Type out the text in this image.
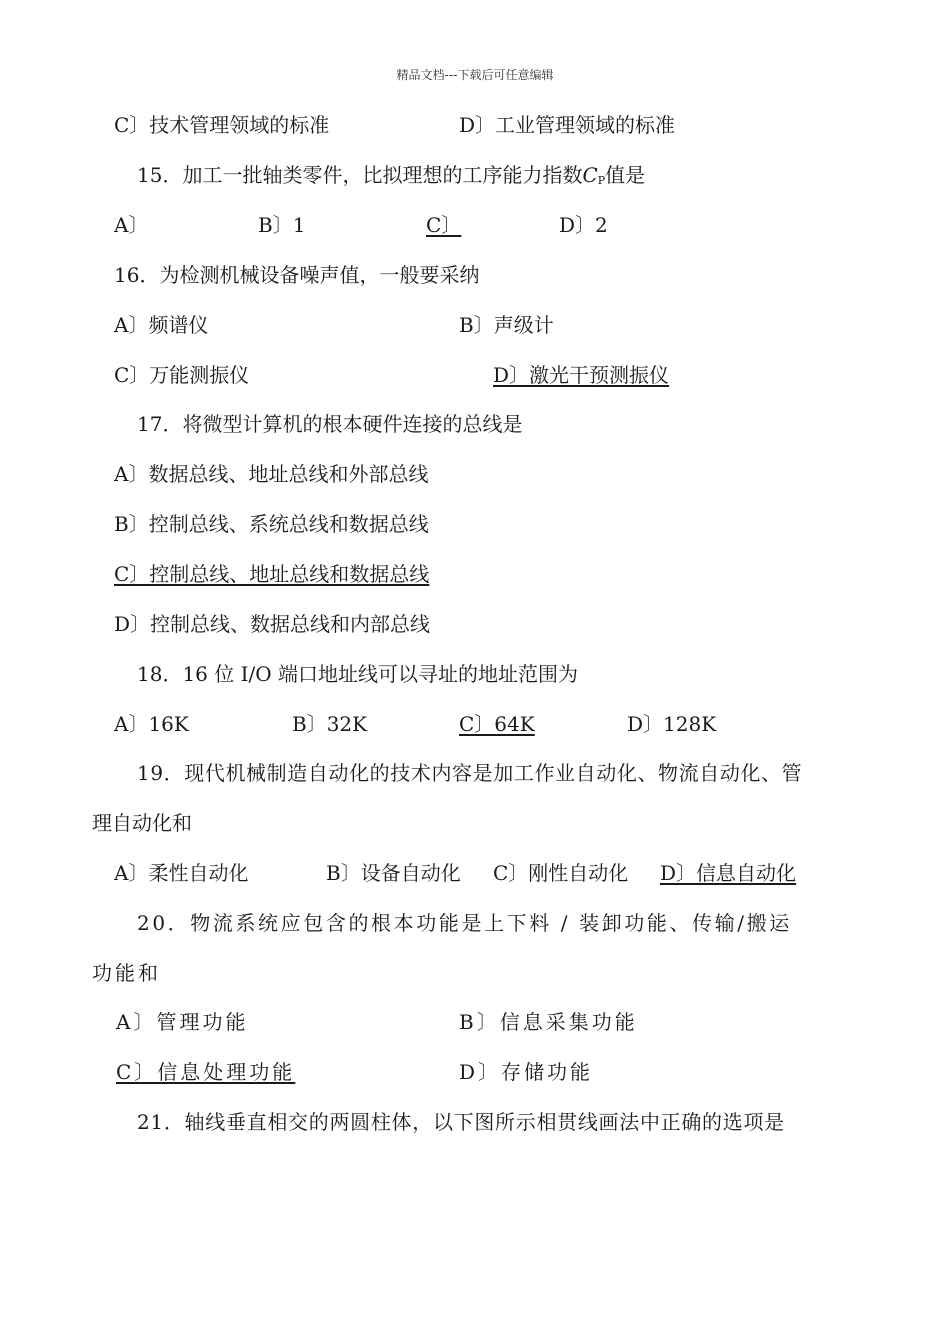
精品文档---下载后可任意编辑
C〕技术管理领域的标准	D〕工业管理领域的标准
15．加工一批轴类零件，比拟理想的工序能力指数$C_P$值是
A〕	B〕1	C〕	D〕2
16．为检测机械设备噪声值，一般要采纳
A〕频谱仪	B〕声级计
C〕万能测振仪	D〕激光干预测振仪
17．将微型计算机的根本硬件连接的总线是
A〕数据总线、地址总线和外部总线
B〕控制总线、系统总线和数据总线
C〕控制总线、地址总线和数据总线
D〕控制总线、数据总线和内部总线
18．16 位 I/O 端口地址线可以寻址的地址范围为
A〕16K	B〕32K	C〕64K	D〕128K
19．现代机械制造自动化的技术内容是加工作业自动化、物流自动化、管
理自动化和
A〕柔性自动化	B〕设备自动化 C〕刚性自动化 D〕信息自动化
20．物流系统应包含的根本功能是上下料 / 装卸功能、传输/搬运
功能和
A〕管理功能	B〕信息采集功能
C〕信息处理功能	D〕存储功能
21．轴线垂直相交的两圆柱体，以下图所示相贯线画法中正确的选项是
